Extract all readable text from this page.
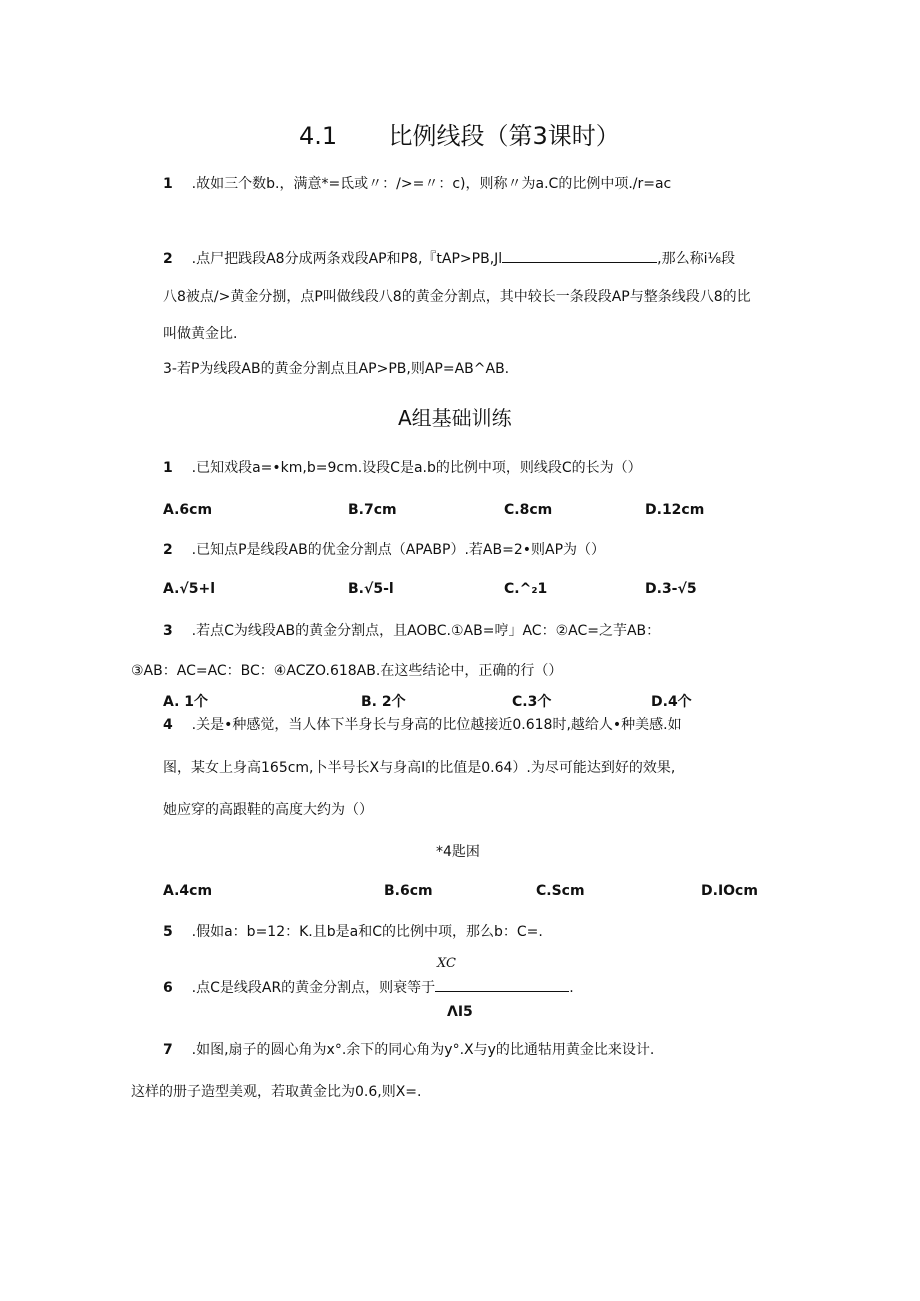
4.1 比例线段（第3课时）
1 .故如三个数b.，满意*=氐或〃：/>=〃：c)，则称〃为a.C的比例中项./r=ac
2 .点尸把践段A8分成两条戏段AP和P8,『tAP>PB,Jl	,那么称i⅛段
八8被点/>黄金分捌，点P叫做线段八8的黄金分割点，其中较长一条段段AP与整条线段八8的比
叫做黄金比.
3-若P为线段AB的黄金分割点且AP>PB,则AP=AB^AB.
A组基础训练
1 .已知戏段a=•km,b=9cm.设段C是a.b的比例中项，则线段C的长为（）
A.6cm	B.7cm	C.8cm	D.12cm
2 .已知点P是线段AB的优金分割点（APABP）.若AB=2•则AP为（）
A.√5+l	B.√5-l	C.^₂1	D.3-√5
3 .若点C为线段AB的黄金分割点，且AOBC.①AB=哼」AC：②AC=之芋AB：
③AB：AC=AC：BC：④ACZO.618AB.在这些结论中，正确的行（）
A. 1个	B. 2个	C.3个	D.4个
4 .关是•种感觉，当人体下半身长与身高的比位越接近0.618时,越给人•种美感.如
图，某女上身高165cm,卜半号长X与身高I的比值是0.64）.为尽可能达到好的效果,
她应穿的高跟鞋的高度大约为（）
*4匙困
A.4cm	B.6cm	C.Scm	D.IOcm
5 .假如a：b=12：K.且b是a和C的比例中项，那么b：C=.
XC
6 .点C是线段AR的黄金分割点，则衰等于	.
ΛI5
7 .如图,扇子的圆心角为x°.余下的同心角为y°.X与y的比通牯用黄金比来设计.
这样的册子造型美观，若取黄金比为0.6,则X=.
